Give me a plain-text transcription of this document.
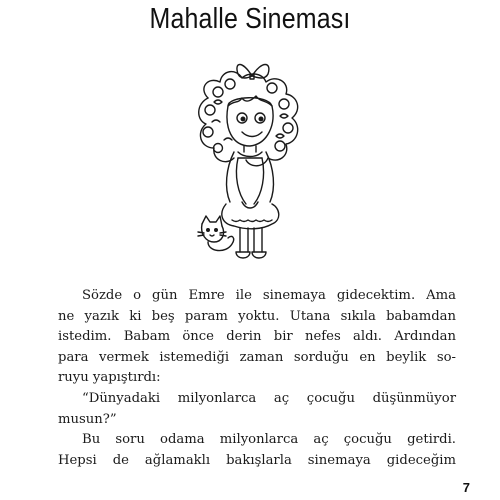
Mahalle Sineması
Sözde o gün Emre ile sinemaya gidecektim. Ama
ne yazık ki beş param yoktu. Utana sıkıla babamdan
istedim. Babam önce derin bir nefes aldı. Ardından
para vermek istemediği zaman sorduğu en beylik so-
ruyu yapıştırdı:
“Dünyadaki milyonlarca aç çocuğu düşünmüyor
musun?”
Bu soru odama milyonlarca aç çocuğu getirdi.
Hepsi de ağlamaklı bakışlarla sinemaya gideceğim
7
